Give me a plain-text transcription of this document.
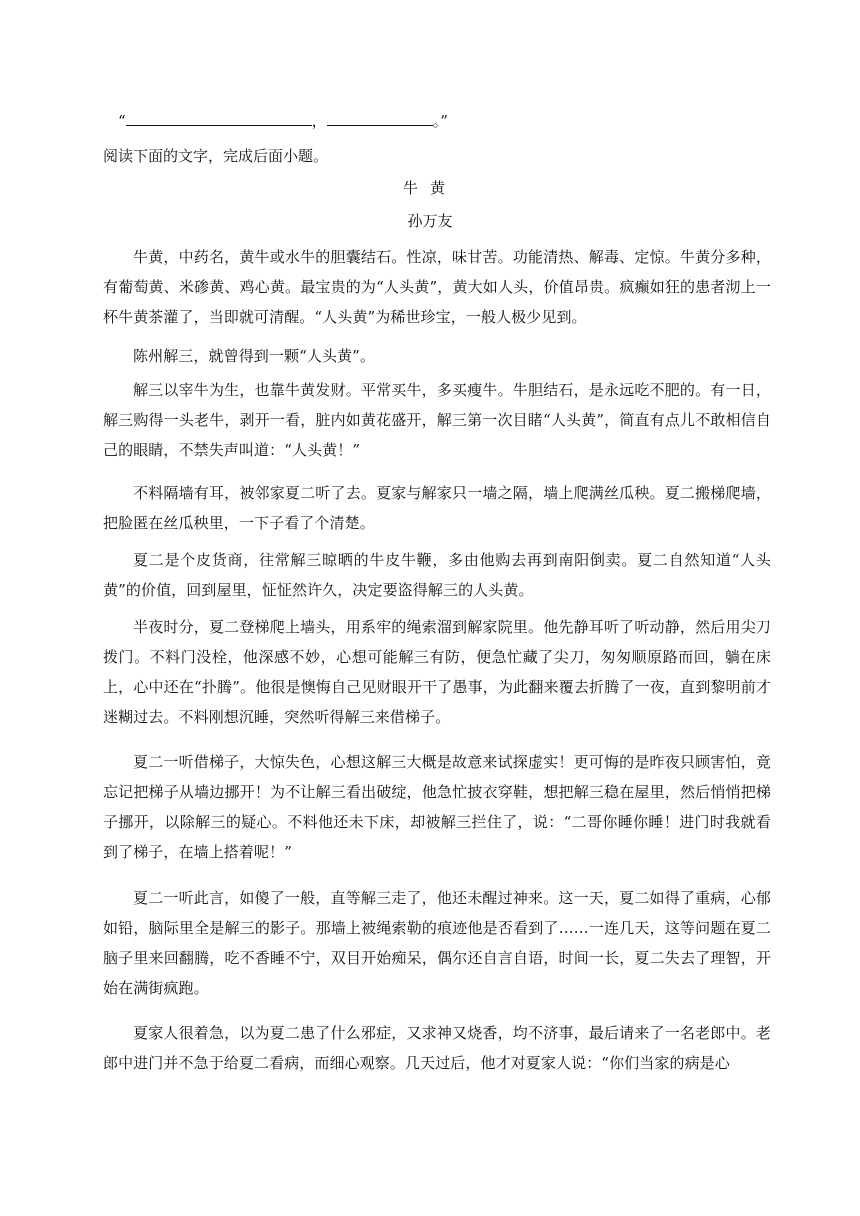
“	，	。”
阅读下面的文字，完成后面小题。
牛黄
孙万友
牛黄，中药名，黄牛或水牛的胆囊结石。性凉，味甘苦。功能清热、解毒、定惊。牛黄分多种，有葡萄黄、米碜黄、鸡心黄。最宝贵的为“人头黄”，黄大如人头，价值昂贵。疯癫如狂的患者沏上一杯牛黄茶灌了，当即就可清醒。“人头黄”为稀世珍宝，一般人极少见到。
陈州解三，就曾得到一颗“人头黄”。
解三以宰牛为生，也靠牛黄发财。平常买牛，多买瘦牛。牛胆结石，是永远吃不肥的。有一日，解三购得一头老牛，剥开一看，脏内如黄花盛开，解三第一次目睹“人头黄”，简直有点儿不敢相信自己的眼睛，不禁失声叫道：“人头黄！”
不料隔墙有耳，被邻家夏二听了去。夏家与解家只一墙之隔，墙上爬满丝瓜秧。夏二搬梯爬墙，把脸匿在丝瓜秧里，一下子看了个清楚。
夏二是个皮货商，往常解三晾晒的牛皮牛鞭，多由他购去再到南阳倒卖。夏二自然知道“人头黄”的价值，回到屋里，怔怔然许久，决定要盗得解三的人头黄。
半夜时分，夏二登梯爬上墙头，用系牢的绳索溜到解家院里。他先静耳听了听动静，然后用尖刀拨门。不料门没栓，他深感不妙，心想可能解三有防，便急忙藏了尖刀，匆匆顺原路而回，躺在床上，心中还在“扑腾”。他很是懊悔自己见财眼开干了愚事，为此翻来覆去折腾了一夜，直到黎明前才迷糊过去。不料刚想沉睡，突然听得解三来借梯子。
夏二一听借梯子，大惊失色，心想这解三大概是故意来试探虚实！更可悔的是昨夜只顾害怕，竟忘记把梯子从墙边挪开！为不让解三看出破绽，他急忙披衣穿鞋，想把解三稳在屋里，然后悄悄把梯子挪开，以除解三的疑心。不料他还未下床，却被解三拦住了，说：“二哥你睡你睡！进门时我就看到了梯子，在墙上搭着呢！”
夏二一听此言，如傻了一般，直等解三走了，他还未醒过神来。这一天，夏二如得了重病，心郁如铅，脑际里全是解三的影子。那墙上被绳索勒的痕迹他是否看到了……一连几天，这等问题在夏二脑子里来回翻腾，吃不香睡不宁，双目开始痴呆，偶尔还自言自语，时间一长，夏二失去了理智，开始在满街疯跑。
夏家人很着急，以为夏二患了什么邪症，又求神又烧香，均不济事，最后请来了一名老郎中。老郎中进门并不急于给夏二看病，而细心观察。几天过后，他才对夏家人说：“你们当家的病是心
